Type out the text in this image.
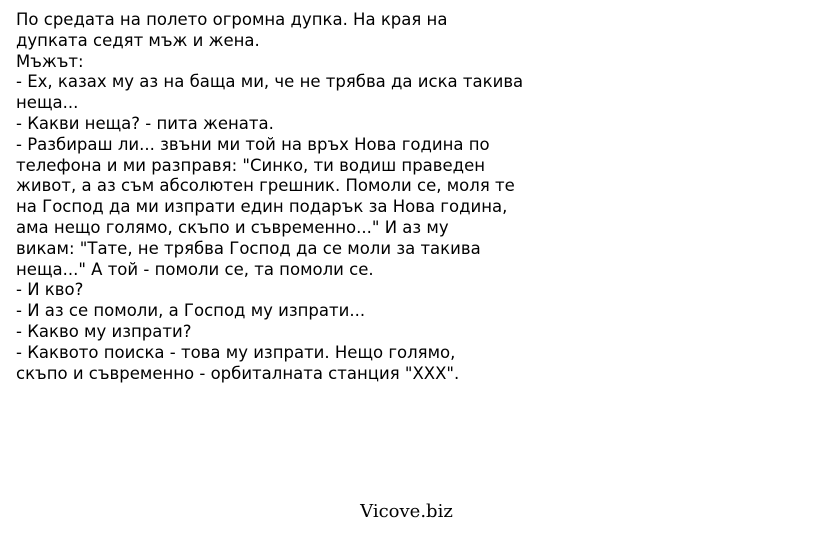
По средата на полето огромна дупка. На края на
дупката седят мъж и жена.
Мъжът:
- Ех, казах му аз на баща ми, че не трябва да иска такива
неща...
- Какви неща? - пита жената.
- Разбираш ли... звъни ми той на връх Нова година по
телефона и ми разправя: "Синко, ти водиш праведен
живот, а аз съм абсолютен грешник. Помоли се, моля те
на Господ да ми изпрати един подарък за Нова година,
ама нещо голямо, скъпо и съвременно..." И аз му
викам: "Тате, не трябва Господ да се моли за такива
неща..." А той - помоли се, та помоли се.
- И кво?
- И аз се помоли, а Господ му изпрати...
- Какво му изпрати?
- Каквото поиска - това му изпрати. Нещо голямо,
скъпо и съвременно - орбиталната станция "ХХХ".
Vicove.biz
